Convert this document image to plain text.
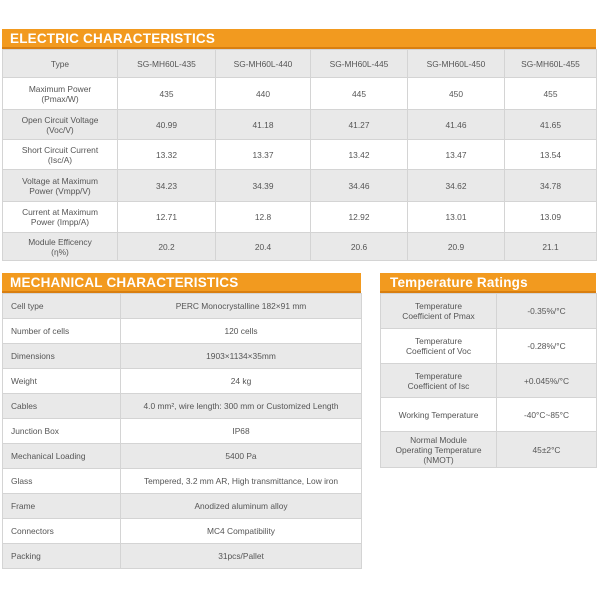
ELECTRIC CHARACTERISTICS
Type	SG-MH60L-435	SG-MH60L-440	SG-MH60L-445	SG-MH60L-450	SG-MH60L-455
Maximum Power
(Pmax/W)	435	440	445	450	455
Open Circuit Voltage
(Voc/V)	40.99	41.18	41.27	41.46	41.65
Short Circuit Current
(Isc/A)	13.32	13.37	13.42	13.47	13.54
Voltage at Maximum
Power (Vmpp/V)	34.23	34.39	34.46	34.62	34.78
Current at Maximum
Power (Impp/A)	12.71	12.8	12.92	13.01	13.09
Module Efficency
(η%)	20.2	20.4	20.6	20.9	21.1
MECHANICAL CHARACTERISTICS
Cell type	PERC Monocrystalline 182×91 mm
Number of cells	120 cells
Dimensions	1903×1134×35mm
Weight	24 kg
Cables	4.0 mm², wire length: 300 mm or Customized Length
Junction Box	IP68
Mechanical Loading	5400 Pa
Glass	Tempered, 3.2 mm AR, High transmittance, Low iron
Frame	Anodized aluminum alloy
Connectors	MC4 Compatibility
Packing	31pcs/Pallet
Temperature Ratings
Temperature
Coefficient of Pmax	-0.35%/°C
Temperature
Coefficient of Voc	-0.28%/°C
Temperature
Coefficient of Isc	+0.045%/°C
Working Temperature	-40°C~85°C
Normal Module
Operating Temperature
(NMOT)	45±2°C
